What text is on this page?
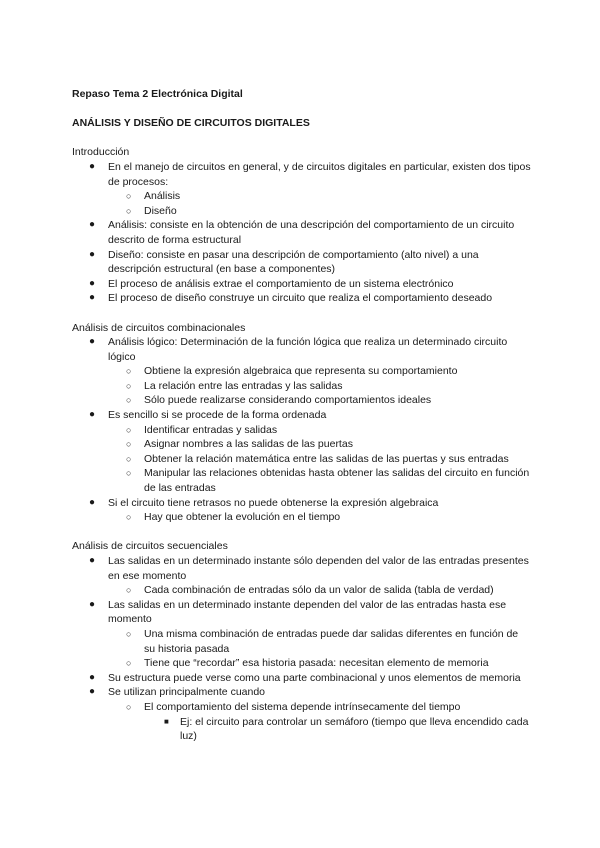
Repaso Tema 2 Electrónica Digital

ANÁLISIS Y DISEÑO DE CIRCUITOS DIGITALES

Introducción

● En el manejo de circuitos en general, y de circuitos digitales en particular, existen dos tipos de procesos:
○ Análisis
○ Diseño
● Análisis: consiste en la obtención de una descripción del comportamiento de un circuito descrito de forma estructural
● Diseño: consiste en pasar una descripción de comportamiento (alto nivel) a una descripción estructural (en base a componentes)
● El proceso de análisis extrae el comportamiento de un sistema electrónico
● El proceso de diseño construye un circuito que realiza el comportamiento deseado

Análisis de circuitos combinacionales

● Análisis lógico: Determinación de la función lógica que realiza un determinado circuito lógico
○ Obtiene la expresión algebraica que representa su comportamiento
○ La relación entre las entradas y las salidas
○ Sólo puede realizarse considerando comportamientos ideales
● Es sencillo si se procede de la forma ordenada
○ Identificar entradas y salidas
○ Asignar nombres a las salidas de las puertas
○ Obtener la relación matemática entre las salidas de las puertas y sus entradas
○ Manipular las relaciones obtenidas hasta obtener las salidas del circuito en función de las entradas
● Si el circuito tiene retrasos no puede obtenerse la expresión algebraica
○ Hay que obtener la evolución en el tiempo

Análisis de circuitos secuenciales

● Las salidas en un determinado instante sólo dependen del valor de las entradas presentes en ese momento
○ Cada combinación de entradas sólo da un valor de salida (tabla de verdad)
● Las salidas en un determinado instante dependen del valor de las entradas hasta ese momento
○ Una misma combinación de entradas puede dar salidas diferentes en función de su historia pasada
○ Tiene que “recordar” esa historia pasada: necesitan elemento de memoria
● Su estructura puede verse como una parte combinacional y unos elementos de memoria
● Se utilizan principalmente cuando
○ El comportamiento del sistema depende intrínsecamente del tiempo
■ Ej: el circuito para controlar un semáforo (tiempo que lleva encendido cada luz)
